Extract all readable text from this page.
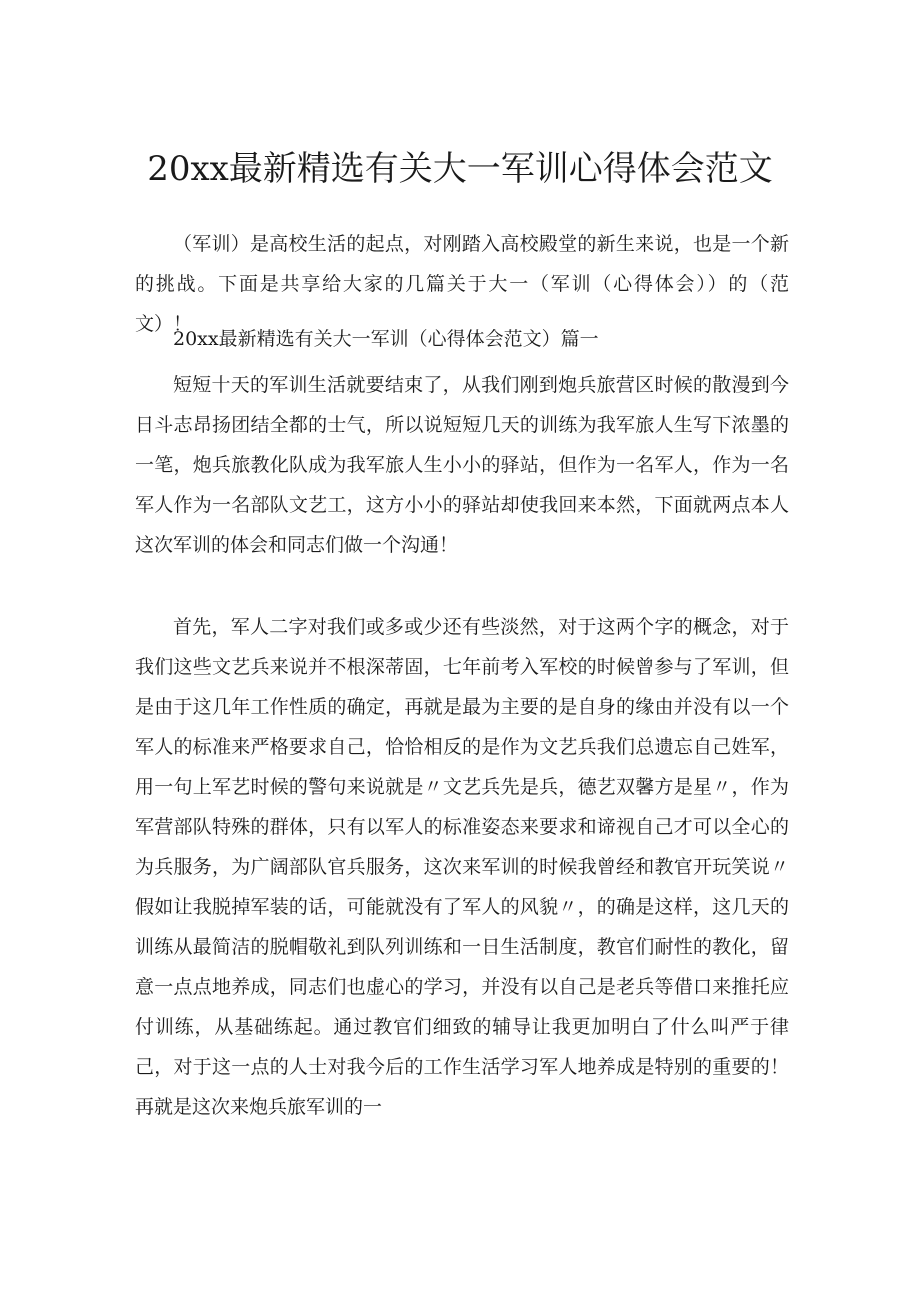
20xx最新精选有关大一军训心得体会范文

（军训）是高校生活的起点，对刚踏入高校殿堂的新生来说，也是一个新的挑战。下面是共享给大家的几篇关于大一（军训（心得体会））的（范文）！

20xx最新精选有关大一军训（心得体会范文）篇一

短短十天的军训生活就要结束了，从我们刚到炮兵旅营区时候的散漫到今日斗志昂扬团结全都的士气，所以说短短几天的训练为我军旅人生写下浓墨的一笔，炮兵旅教化队成为我军旅人生小小的驿站，但作为一名军人，作为一名军人作为一名部队文艺工，这方小小的驿站却使我回来本然，下面就两点本人这次军训的体会和同志们做一个沟通！

首先，军人二字对我们或多或少还有些淡然，对于这两个字的概念，对于我们这些文艺兵来说并不根深蒂固，七年前考入军校的时候曾参与了军训，但是由于这几年工作性质的确定，再就是最为主要的是自身的缘由并没有以一个军人的标准来严格要求自己，恰恰相反的是作为文艺兵我们总遗忘自己姓军，用一句上军艺时候的警句来说就是〃文艺兵先是兵，德艺双馨方是星〃，作为军营部队特殊的群体，只有以军人的标准姿态来要求和谛视自己才可以全心的为兵服务，为广阔部队官兵服务，这次来军训的时候我曾经和教官开玩笑说〃假如让我脱掉军装的话，可能就没有了军人的风貌〃，的确是这样，这几天的训练从最简洁的脱帽敬礼到队列训练和一日生活制度，教官们耐性的教化，留意一点点地养成，同志们也虚心的学习，并没有以自己是老兵等借口来推托应付训练，从基础练起。通过教官们细致的辅导让我更加明白了什么叫严于律己，对于这一点的人士对我今后的工作生活学习军人地养成是特别的重要的！再就是这次来炮兵旅军训的一
